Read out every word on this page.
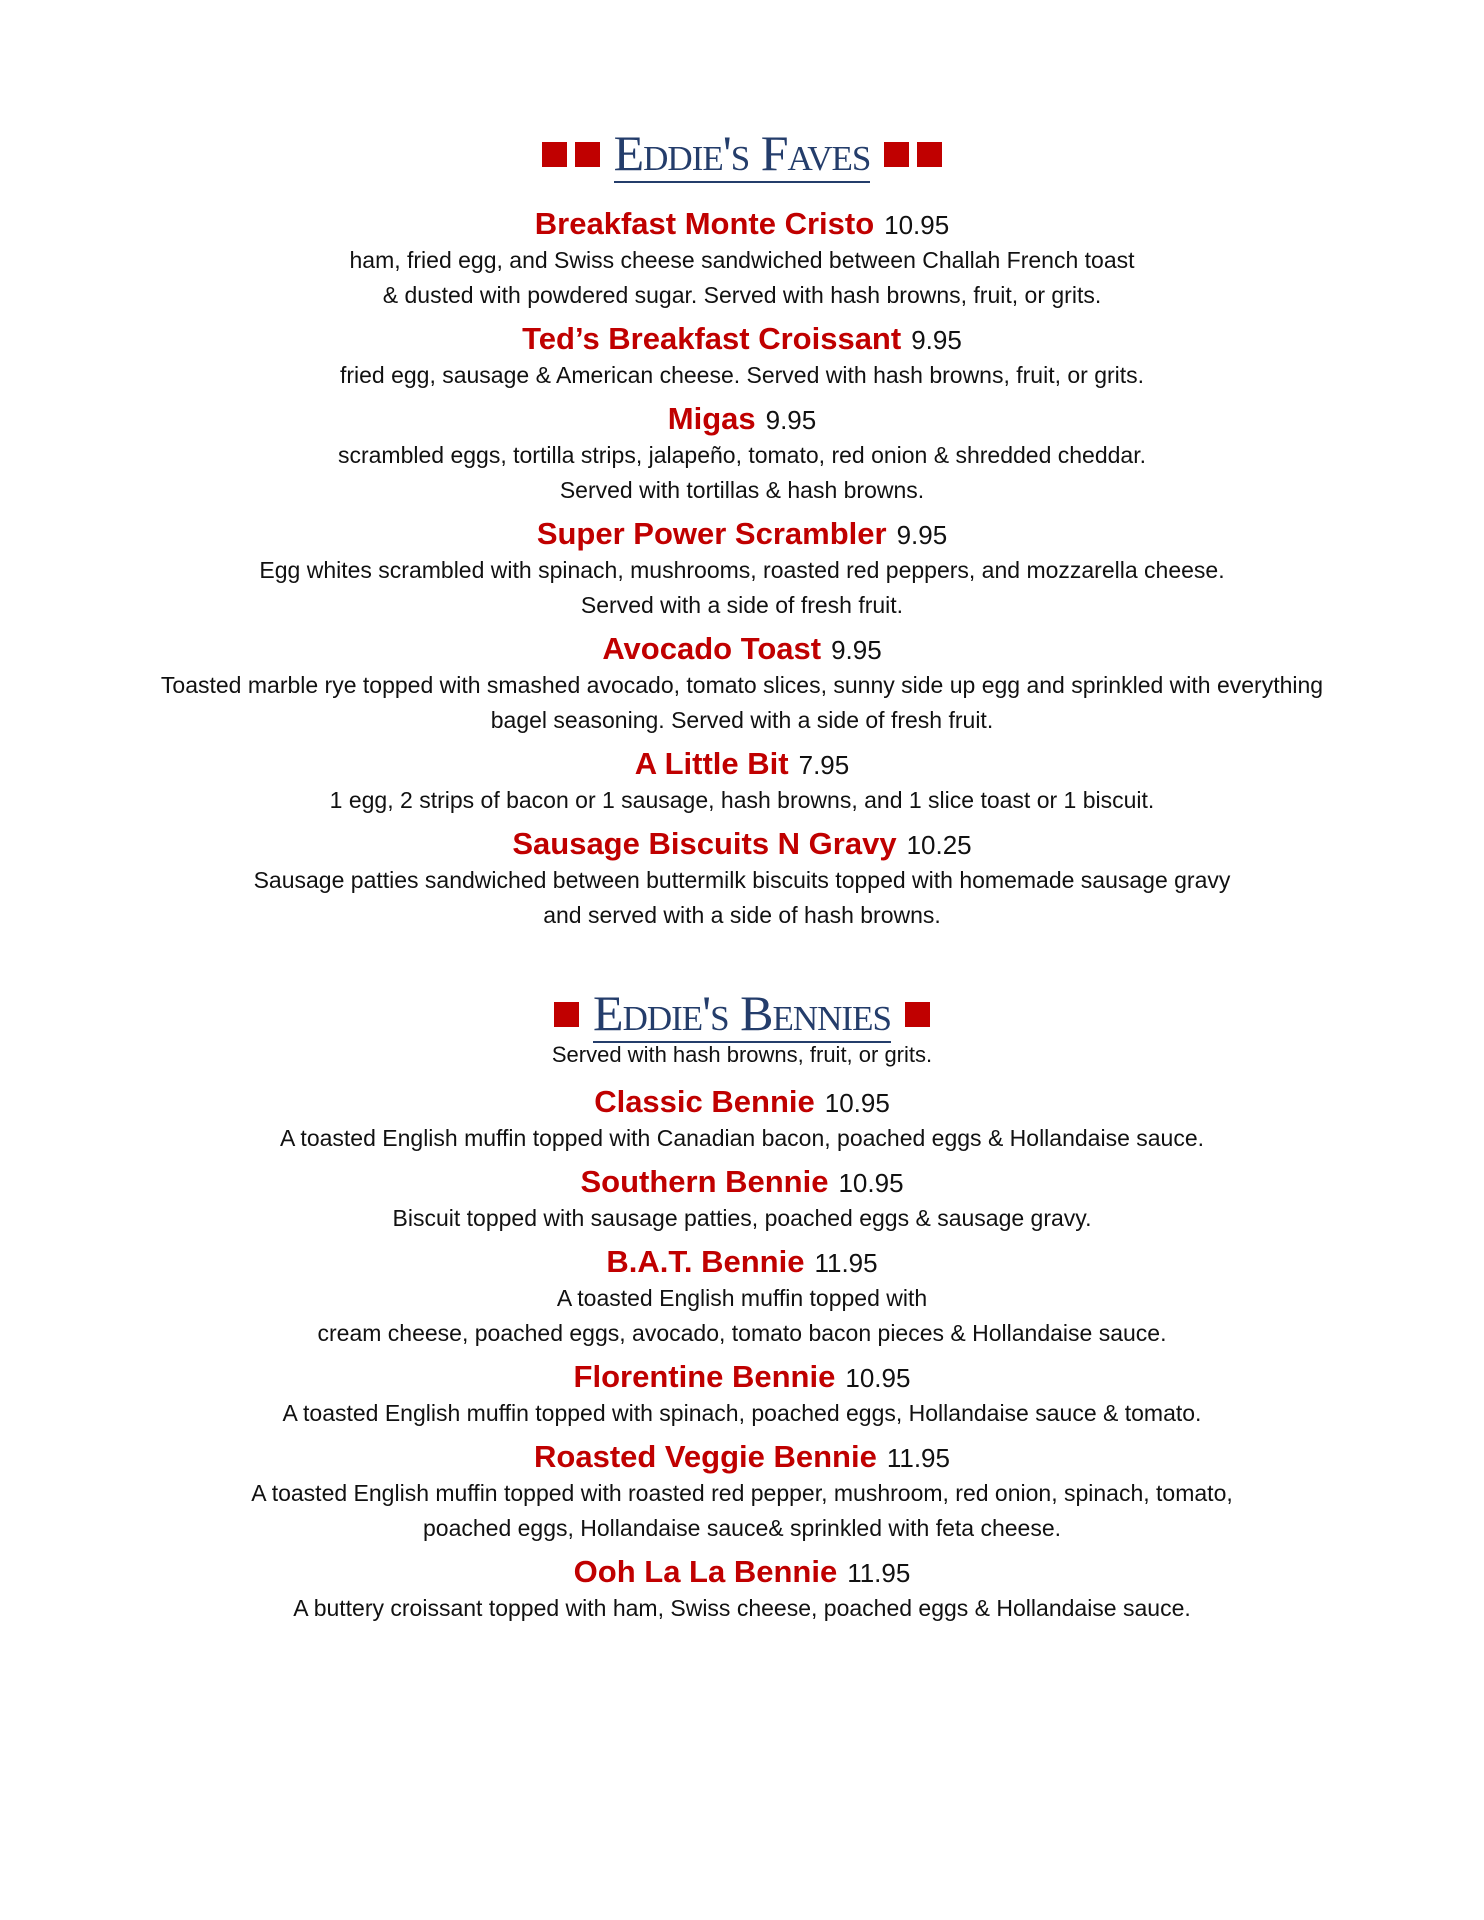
Eddie's Faves
Breakfast Monte Cristo 10.95
ham, fried egg, and Swiss cheese sandwiched between Challah French toast
& dusted with powdered sugar. Served with hash browns, fruit, or grits.
Ted’s Breakfast Croissant 9.95
fried egg, sausage & American cheese. Served with hash browns, fruit, or grits.
Migas 9.95
scrambled eggs, tortilla strips, jalapeño, tomato, red onion & shredded cheddar.
Served with tortillas & hash browns.
Super Power Scrambler 9.95
Egg whites scrambled with spinach, mushrooms, roasted red peppers, and mozzarella cheese.
Served with a side of fresh fruit.
Avocado Toast 9.95
Toasted marble rye topped with smashed avocado, tomato slices, sunny side up egg and sprinkled with everything
bagel seasoning. Served with a side of fresh fruit.
A Little Bit 7.95
1 egg, 2 strips of bacon or 1 sausage, hash browns, and 1 slice toast or 1 biscuit.
Sausage Biscuits N Gravy 10.25
Sausage patties sandwiched between buttermilk biscuits topped with homemade sausage gravy
and served with a side of hash browns.
Eddie's Bennies
Served with hash browns, fruit, or grits.
Classic Bennie 10.95
A toasted English muffin topped with Canadian bacon, poached eggs & Hollandaise sauce.
Southern Bennie 10.95
Biscuit topped with sausage patties, poached eggs & sausage gravy.
B.A.T. Bennie 11.95
A toasted English muffin topped with
cream cheese, poached eggs, avocado, tomato bacon pieces & Hollandaise sauce.
Florentine Bennie 10.95
A toasted English muffin topped with spinach, poached eggs, Hollandaise sauce & tomato.
Roasted Veggie Bennie 11.95
A toasted English muffin topped with roasted red pepper, mushroom, red onion, spinach, tomato,
poached eggs, Hollandaise sauce& sprinkled with feta cheese.
Ooh La La Bennie 11.95
A buttery croissant topped with ham, Swiss cheese, poached eggs & Hollandaise sauce.
